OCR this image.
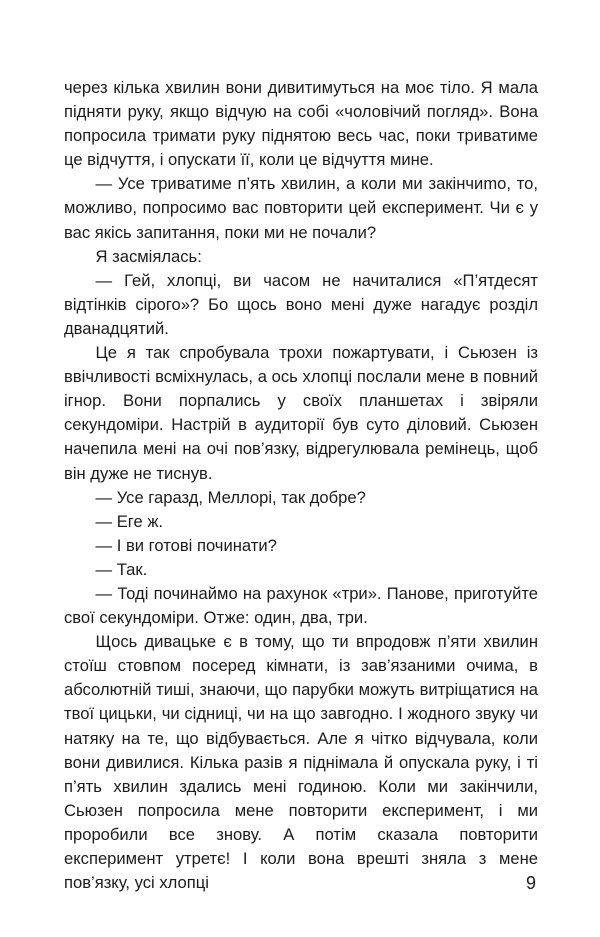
через кілька хвилин вони дивитимуться на моє тіло. Я мала підняти руку, якщо відчую на собі «чоловічий погляд». Вона попросила тримати руку піднятою весь час, поки триватиме це відчуття, і опускати її, коли це відчуття мине.

— Усе триватиме п’ять хвилин, а коли ми закінчиmо, то, можливо, попросимо вас повторити цей експеримент. Чи є у вас якісь запитання, поки ми не почали?

Я засміялась:

— Гей, хлопці, ви часом не начиталися «П’ятдесят відтінків сірого»? Бо щось воно мені дуже нагадує розділ дванадцятий.

Це я так спробувала трохи пожартувати, і Сьюзен із ввічливості всміхнулась, а ось хлопці послали мене в повний ігнор. Вони порпались у своїх планшетах і звіряли секундоміри. Настрій в аудиторії був суто діловий. Сьюзен начепила мені на очі пов’язку, відрегулювала ремінець, щоб він дуже не тиснув.

— Усе гаразд, Меллорі, так добре?

— Еге ж.

— І ви готові починати?

— Так.

— Тоді починаймо на рахунок «три». Панове, приготуйте свої секундоміри. Отже: один, два, три.

Щось дивацьке є в тому, що ти впродовж п’яти хвилин стоїш стовпом посеред кімнати, із зав’язаними очима, в абсолютній тиші, знаючи, що парубки можуть витріщатися на твої цицьки, чи сідниці, чи на що завгодно. І жодного звуку чи натяку на те, що відбувається. Але я чітко відчувала, коли вони дивилися. Кілька разів я піднімала й опускала руку, і ті п’ять хвилин здались мені годиною. Коли ми закінчили, Сьюзен попросила мене повторити експеримент, і ми проробили все знову. А потім сказала повторити експеримент утретє! І коли вона врешті зняла з мене пов’язку, усі хлопці	9
